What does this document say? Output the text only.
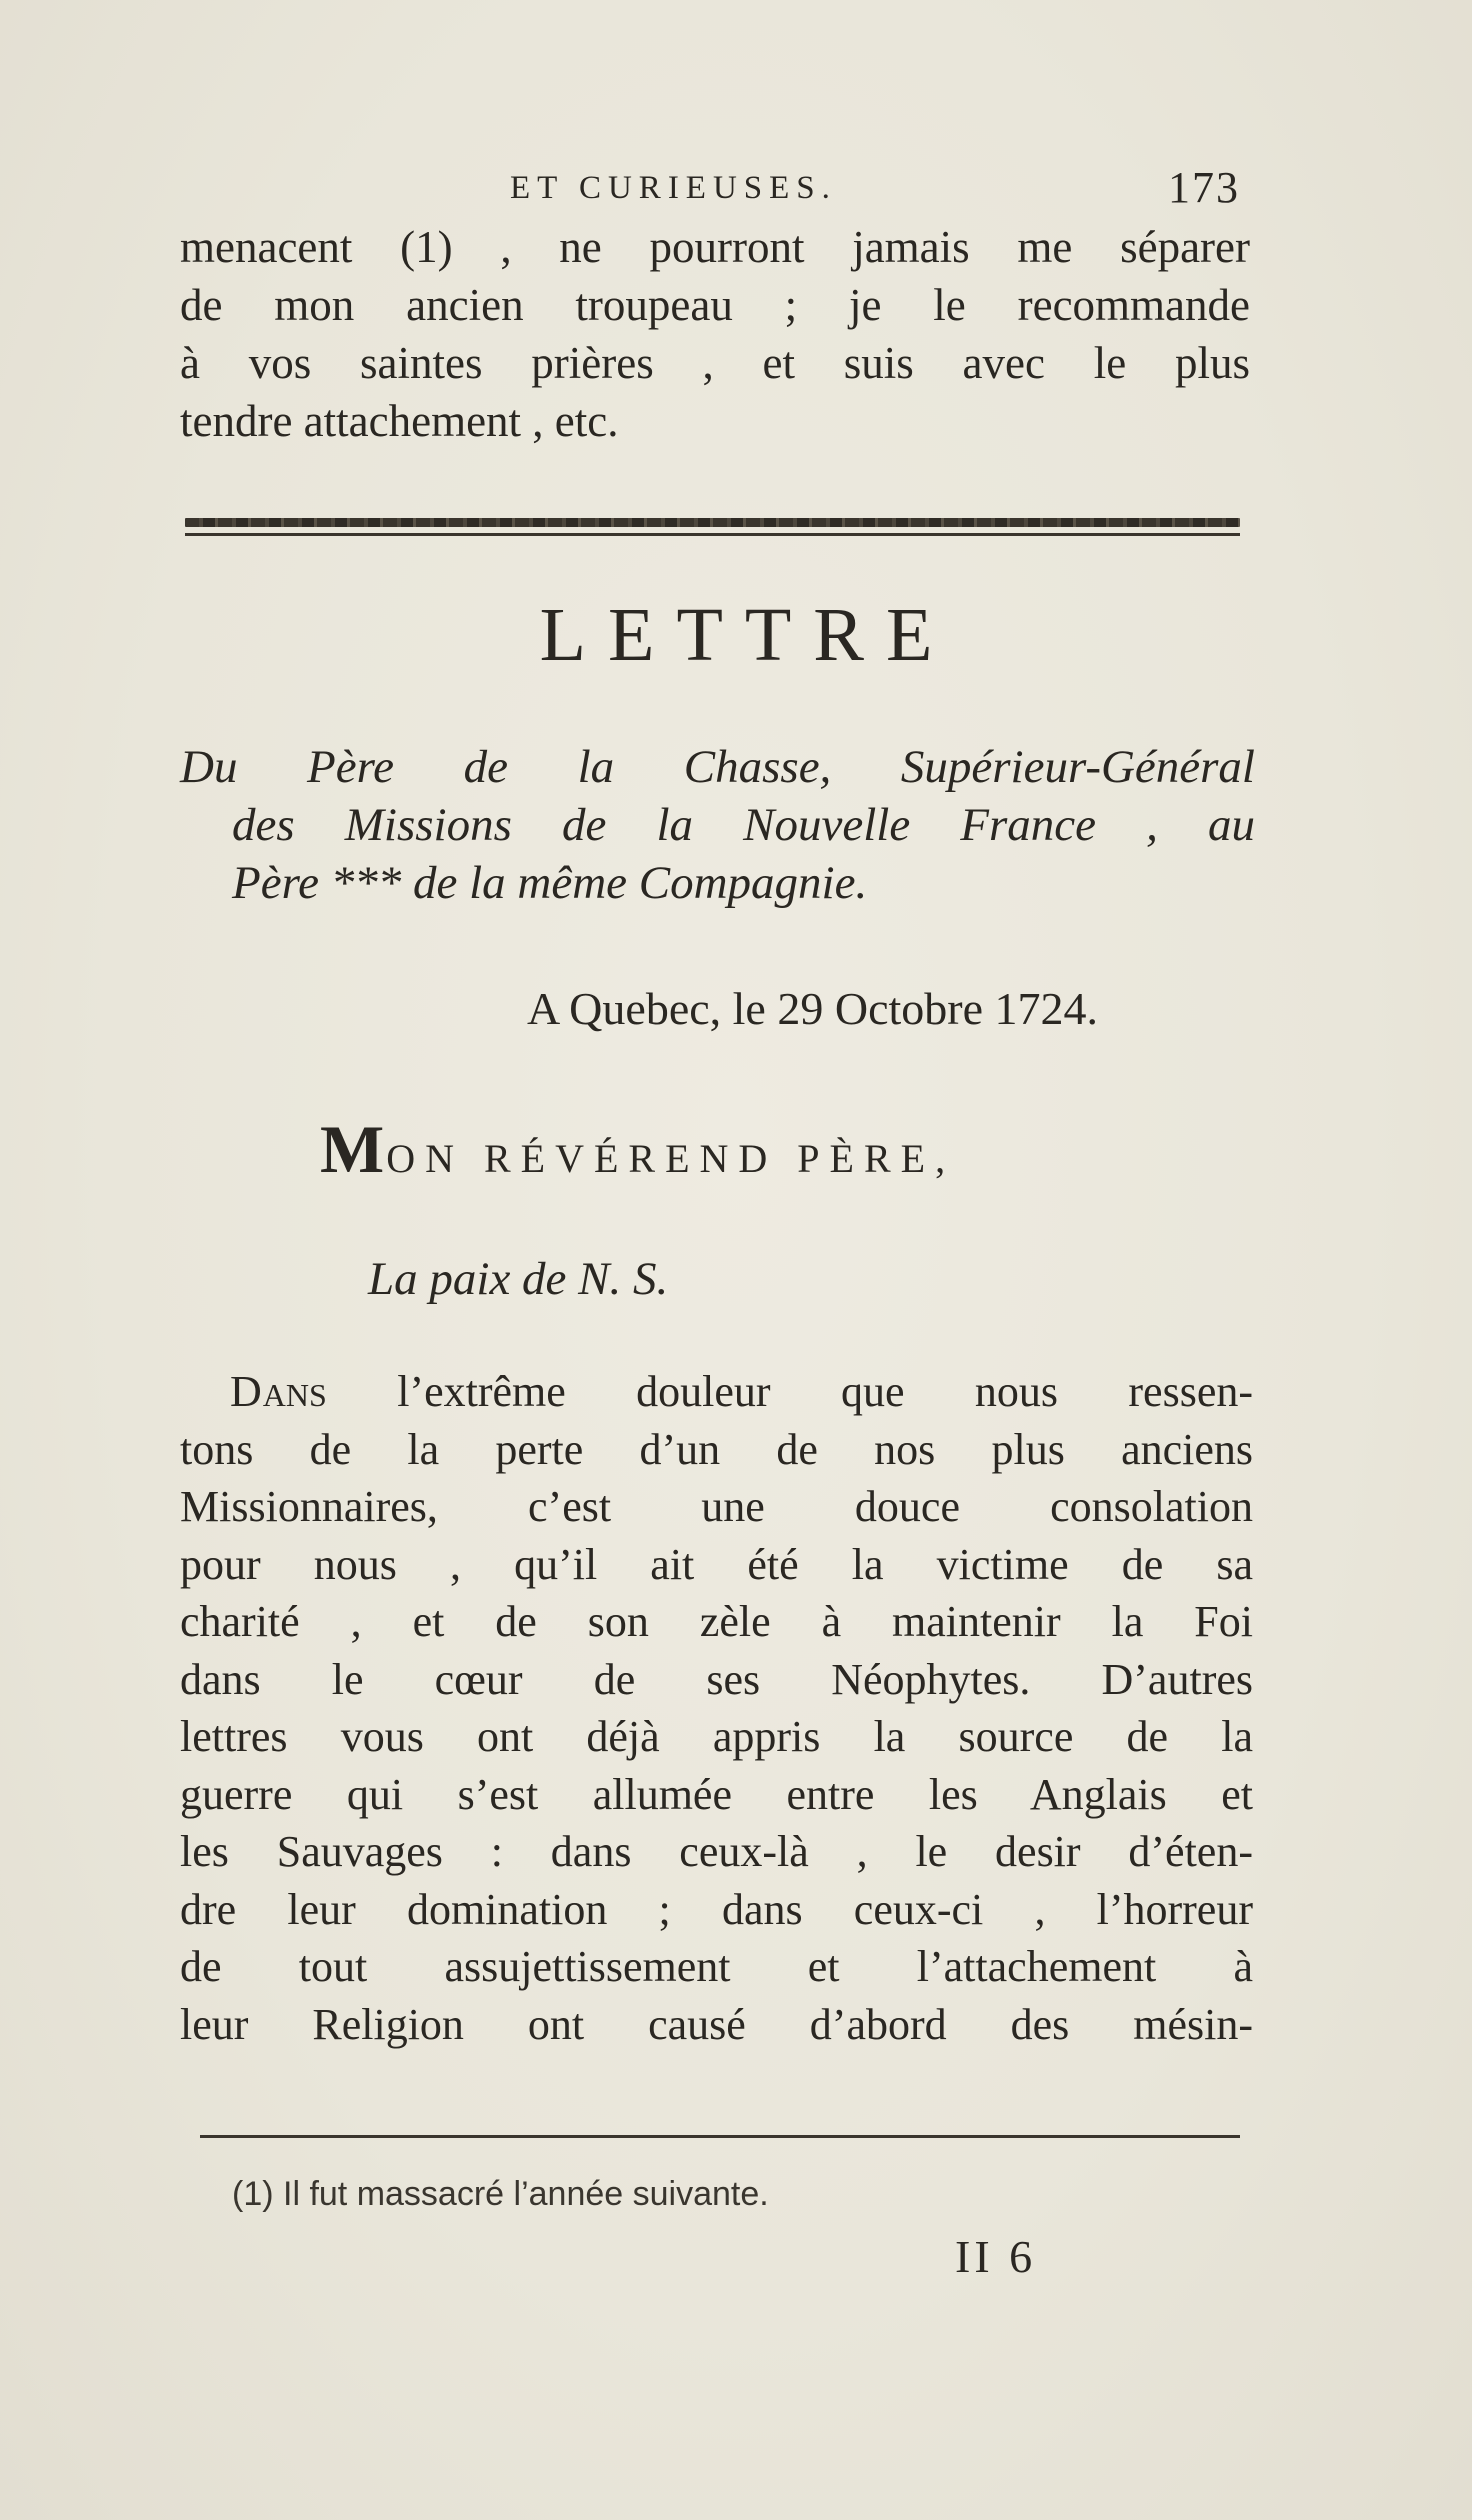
ET CURIEUSES.	173
menacent (1) , ne pourront jamais me séparer
de mon ancien troupeau ; je le recommande
à vos saintes prières , et suis avec le plus
tendre attachement , etc.
LETTRE
Du Père de la Chasse, Supérieur-Général
des Missions de la Nouvelle France , au
Père *** de la même Compagnie.
A Quebec, le 29 Octobre 1724.
MON RÉVÉREND PÈRE,
La paix de N. S.
DANS l’extrême douleur que nous ressen-
tons de la perte d’un de nos plus anciens
Missionnaires, c’est une douce consolation
pour nous , qu’il ait été la victime de sa
charité , et de son zèle à maintenir la Foi
dans le cœur de ses Néophytes. D’autres
lettres vous ont déjà appris la source de la
guerre qui s’est allumée entre les Anglais et
les Sauvages : dans ceux-là , le desir d’éten-
dre leur domination ; dans ceux-ci , l’horreur
de tout assujettissement et l’attachement à
leur Religion ont causé d’abord des mésin-
(1) Il fut massacré l’année suivante.
II 6
